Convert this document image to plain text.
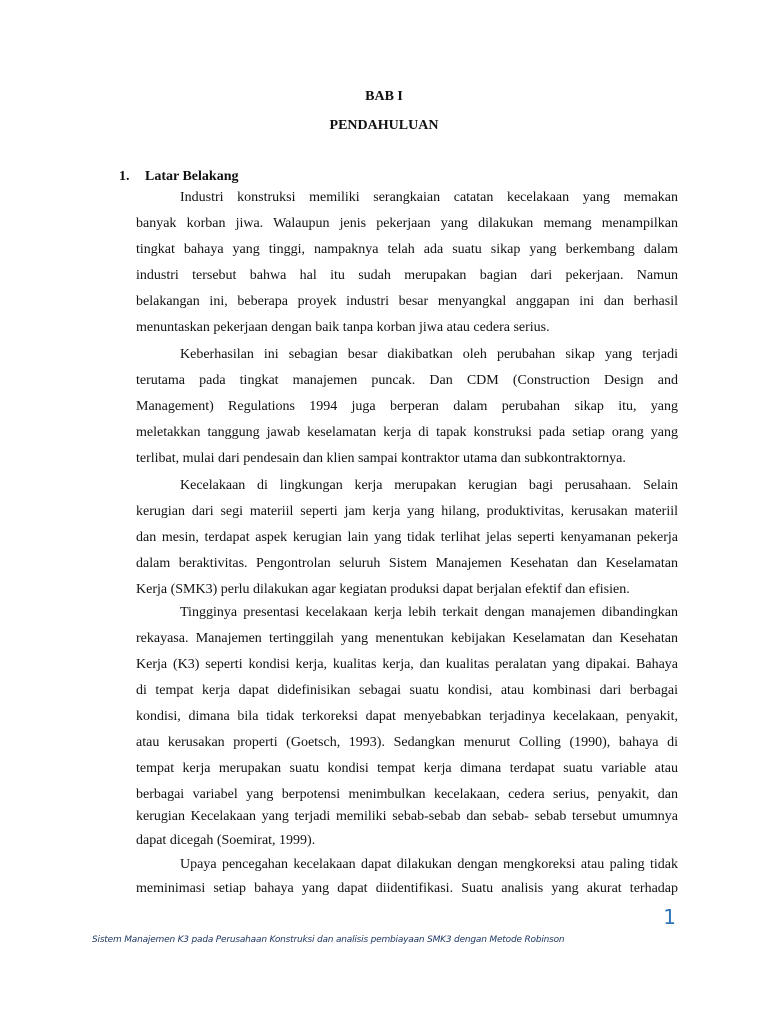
BAB I
PENDAHULUAN
1. Latar Belakang
Industri konstruksi memiliki serangkaian catatan kecelakaan yang memakan
banyak korban jiwa. Walaupun jenis pekerjaan yang dilakukan memang menampilkan
tingkat bahaya yang tinggi, nampaknya telah ada suatu sikap yang berkembang dalam
industri tersebut bahwa hal itu sudah merupakan bagian dari pekerjaan. Namun
belakangan ini, beberapa proyek industri besar menyangkal anggapan ini dan berhasil
menuntaskan pekerjaan dengan baik tanpa korban jiwa atau cedera serius.
Keberhasilan ini sebagian besar diakibatkan oleh perubahan sikap yang terjadi
terutama pada tingkat manajemen puncak. Dan CDM (Construction Design and
Management) Regulations 1994 juga berperan dalam perubahan sikap itu, yang
meletakkan tanggung jawab keselamatan kerja di tapak konstruksi pada setiap orang yang
terlibat, mulai dari pendesain dan klien sampai kontraktor utama dan subkontraktornya.
Kecelakaan di lingkungan kerja merupakan kerugian bagi perusahaan. Selain
kerugian dari segi materiil seperti jam kerja yang hilang, produktivitas, kerusakan materiil
dan mesin, terdapat aspek kerugian lain yang tidak terlihat jelas seperti kenyamanan pekerja
dalam beraktivitas. Pengontrolan seluruh Sistem Manajemen Kesehatan dan Keselamatan
Kerja (SMK3) perlu dilakukan agar kegiatan produksi dapat berjalan efektif dan efisien.
Tingginya presentasi kecelakaan kerja lebih terkait dengan manajemen dibandingkan
rekayasa. Manajemen tertinggilah yang menentukan kebijakan Keselamatan dan Kesehatan
Kerja (K3) seperti kondisi kerja, kualitas kerja, dan kualitas peralatan yang dipakai. Bahaya
di tempat kerja dapat didefinisikan sebagai suatu kondisi, atau kombinasi dari berbagai
kondisi, dimana bila tidak terkoreksi dapat menyebabkan terjadinya kecelakaan, penyakit,
atau kerusakan properti (Goetsch, 1993). Sedangkan menurut Colling (1990), bahaya di
tempat kerja merupakan suatu kondisi tempat kerja dimana terdapat suatu variable atau
berbagai variabel yang berpotensi menimbulkan kecelakaan, cedera serius, penyakit, dan
kerugian Kecelakaan yang terjadi memiliki sebab-sebab dan sebab- sebab tersebut umumnya
dapat dicegah (Soemirat, 1999).
Upaya pencegahan kecelakaan dapat dilakukan dengan mengkoreksi atau paling tidak
meminimasi setiap bahaya yang dapat diidentifikasi. Suatu analisis yang akurat terhadap
1
Sistem Manajemen K3 pada Perusahaan Konstruksi dan analisis pembiayaan SMK3 dengan Metode Robinson
